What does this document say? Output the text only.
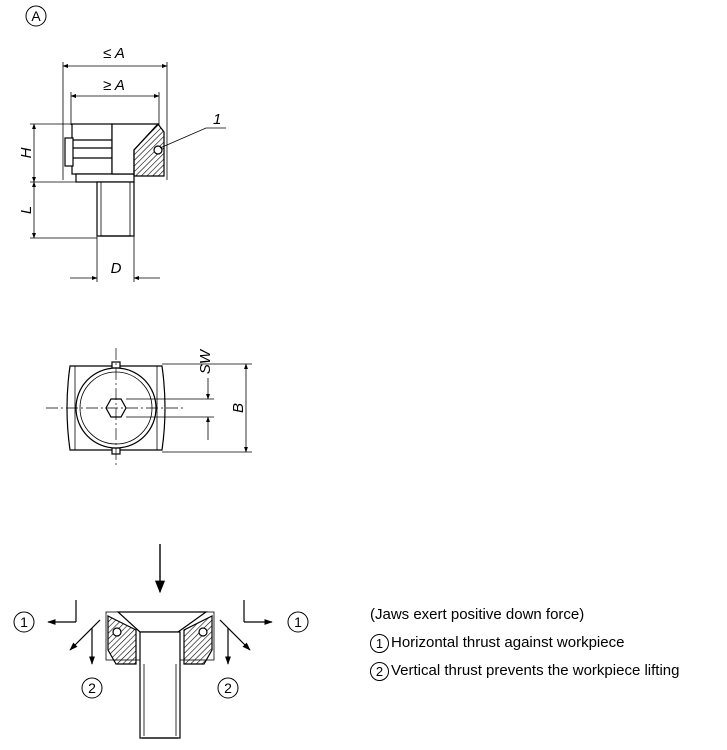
A
≤ A
≥ A
1
H
L
D
SW
B
1
2
1
2
(Jaws exert positive down force)
1 Horizontal thrust against workpiece
2 Vertical thrust prevents the workpiece lifting
